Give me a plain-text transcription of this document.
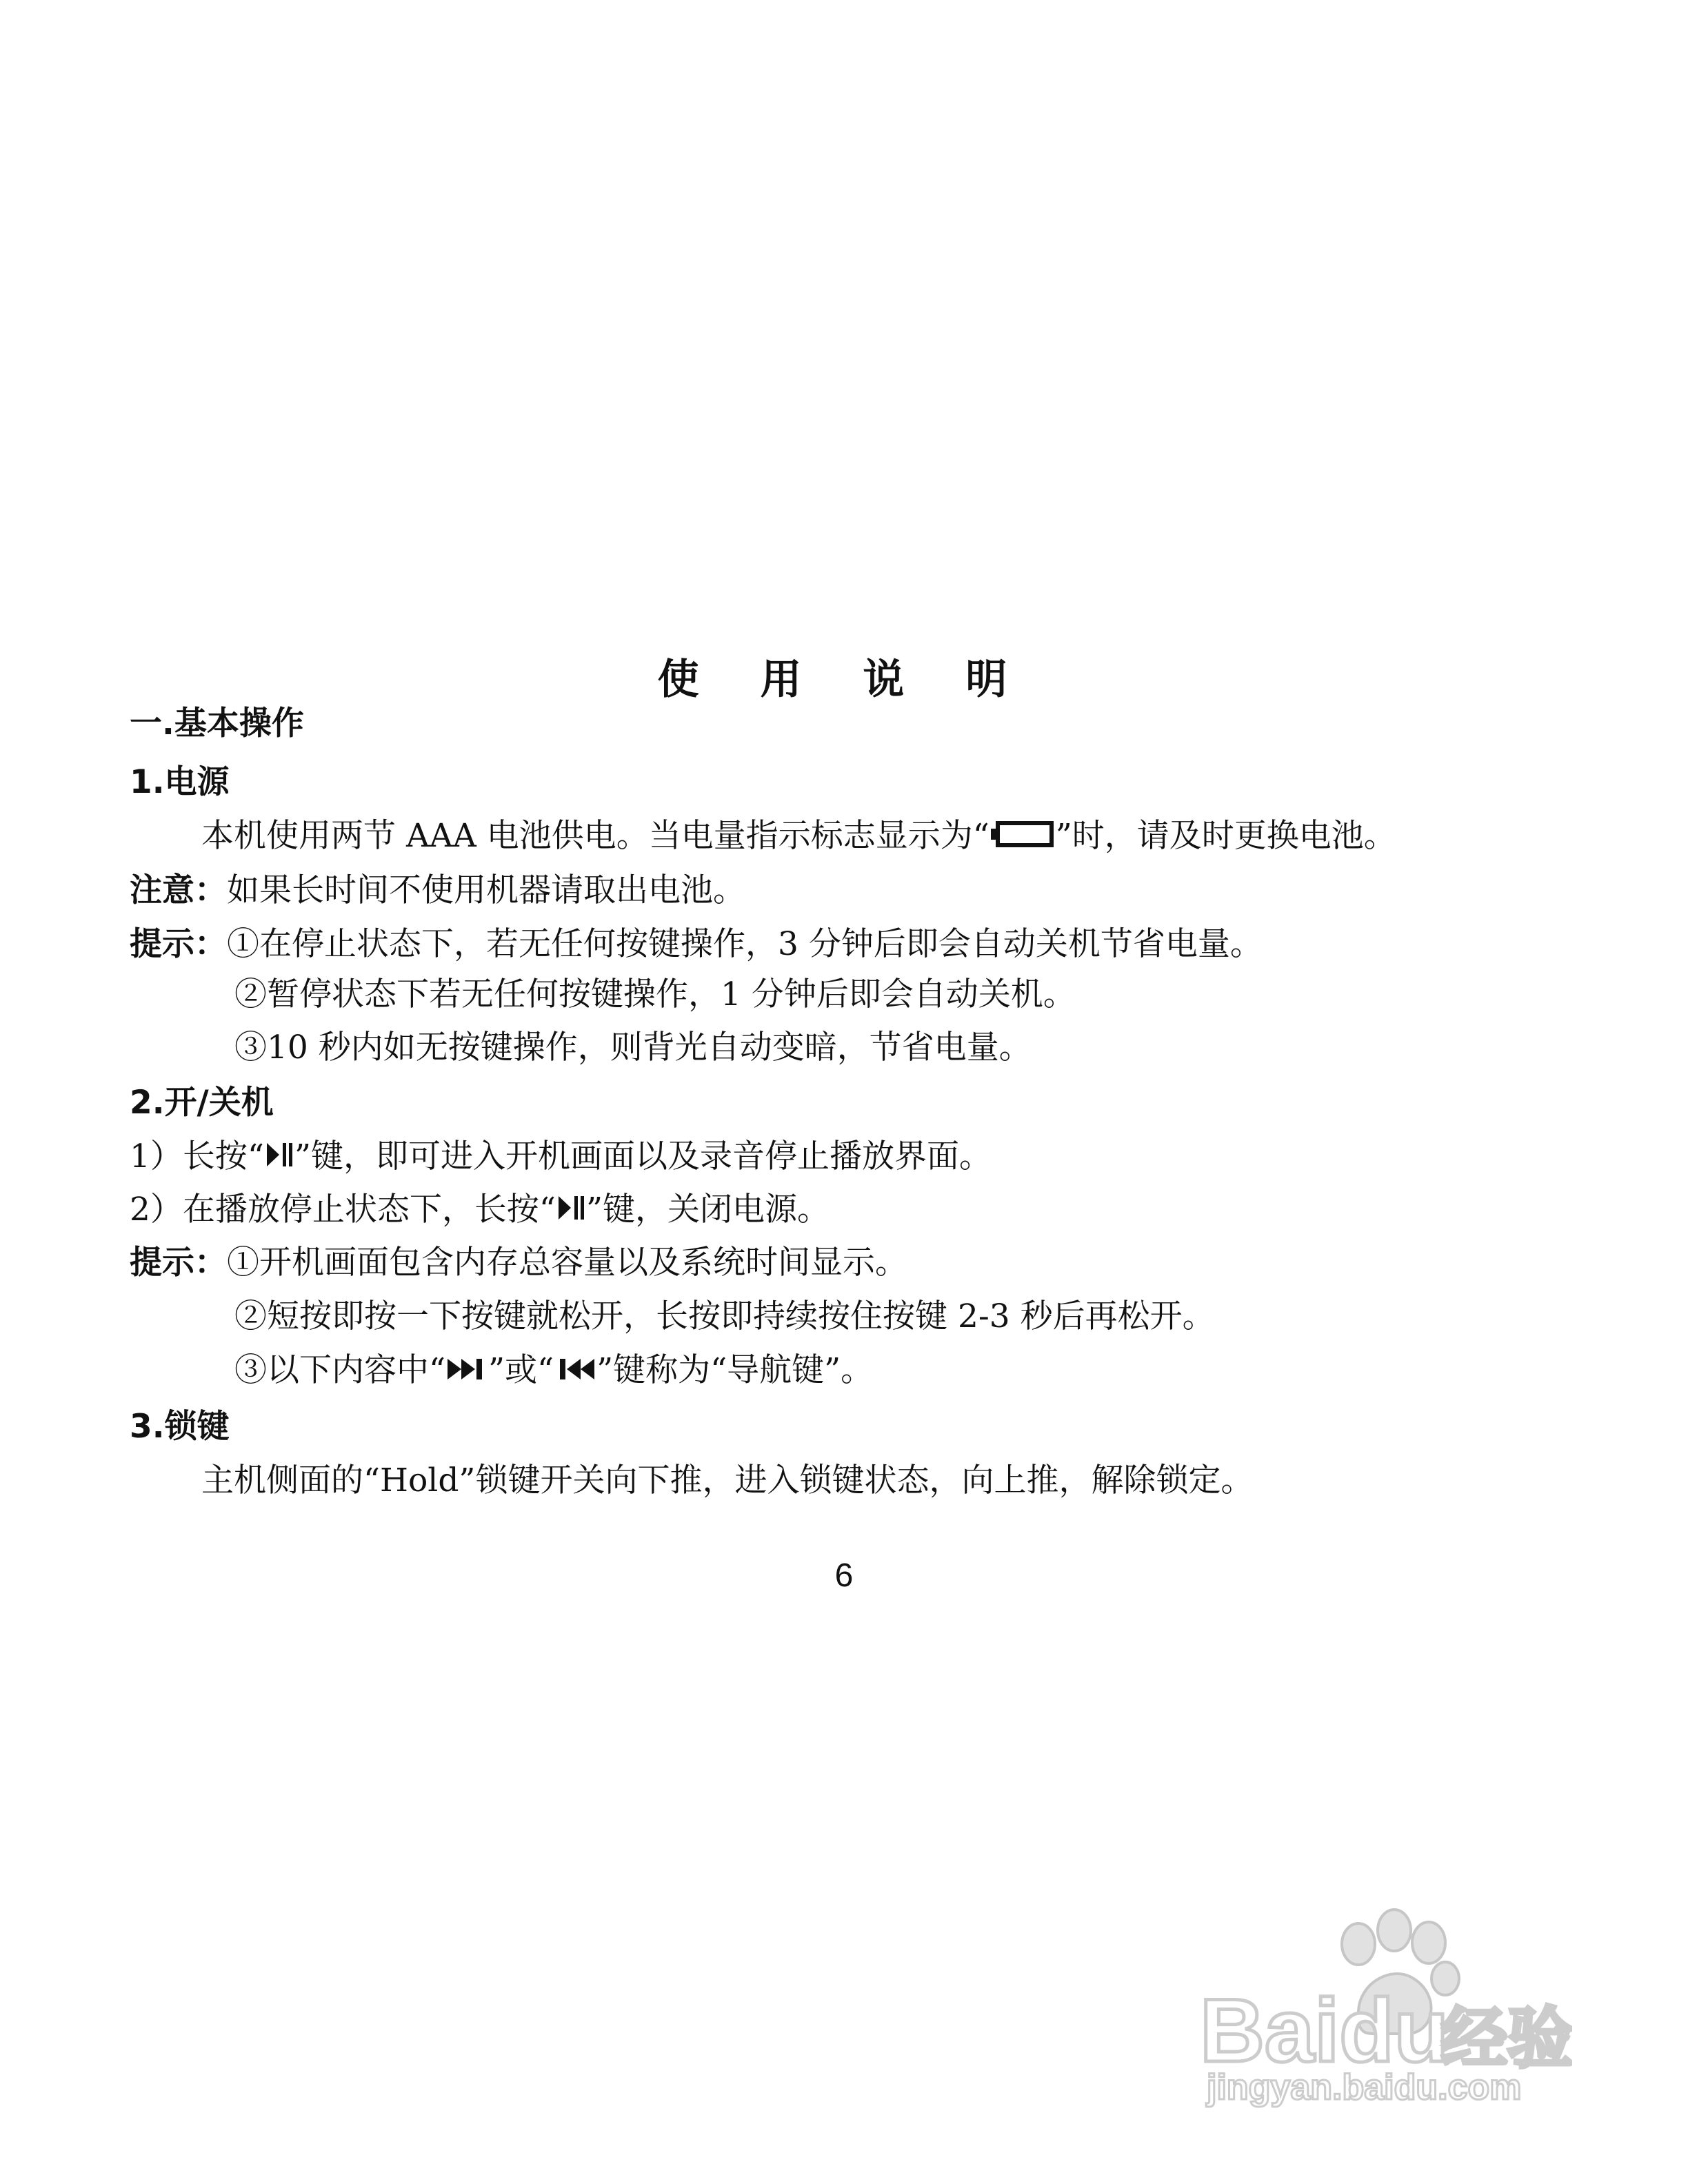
使 用 说 明
一.基本操作
1.电源
本机使用两节 AAA 电池供电。当电量指示标志显示为“ ”时，请及时更换电池。
注意：如果长时间不使用机器请取出电池。
提示：①在停止状态下，若无任何按键操作，3 分钟后即会自动关机节省电量。
②暂停状态下若无任何按键操作，1 分钟后即会自动关机。
③10 秒内如无按键操作，则背光自动变暗，节省电量。
2.开/关机
1）长按“ ”键，即可进入开机画面以及录音停止播放界面。
2）在播放停止状态下，长按“ ”键，关闭电源。
提示：①开机画面包含内存总容量以及系统时间显示。
②短按即按一下按键就松开，长按即持续按住按键 2-3 秒后再松开。
③以下内容中“ ”或“ ”键称为“导航键”。
3.锁键
主机侧面的“Hold”锁键开关向下推，进入锁键状态，向上推，解除锁定。
6
Baidu
经验
jingyan.baidu.com
